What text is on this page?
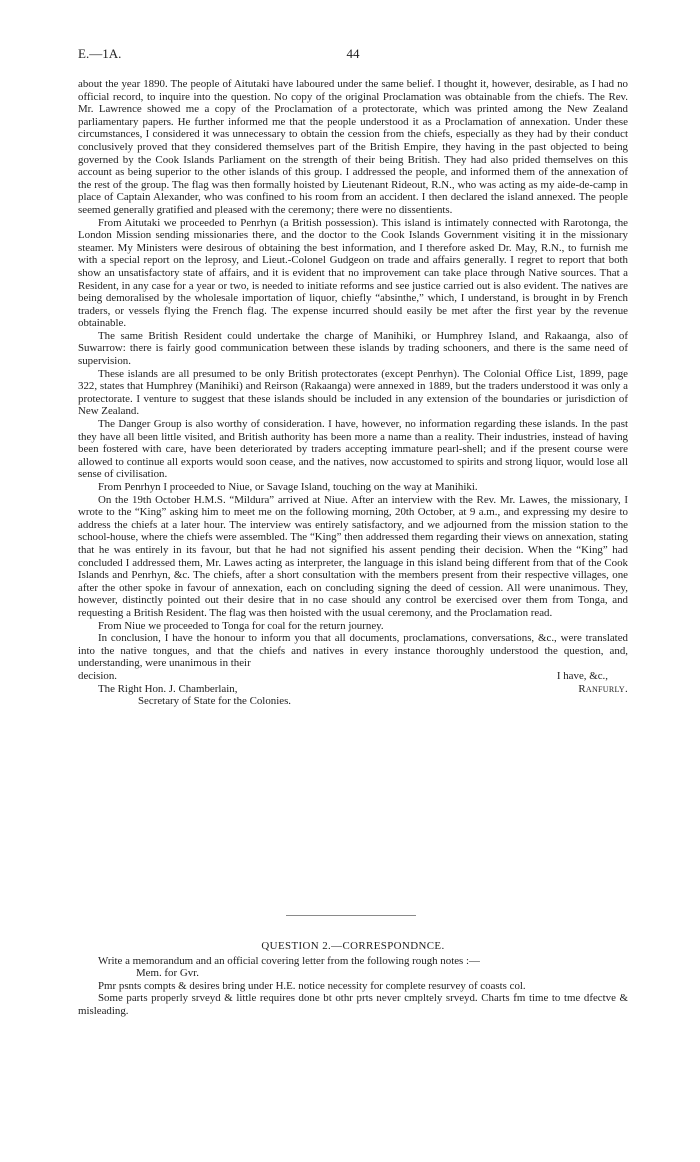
E.—1A.	44

about the year 1890. The people of Aitutaki have laboured under the same belief. I thought it, however, desirable, as I had no official record, to inquire into the question. No copy of the original Proclamation was obtainable from the chiefs. The Rev. Mr. Lawrence showed me a copy of the Proclamation of a protectorate, which was printed among the New Zealand parliamentary papers. He further informed me that the people understood it as a Proclamation of annexation. Under these circumstances, I considered it was unnecessary to obtain the cession from the chiefs, especially as they had by their conduct conclusively proved that they considered themselves part of the British Empire, they having in the past objected to being governed by the Cook Islands Parliament on the strength of their being British. They had also prided themselves on this account as being superior to the other islands of this group. I addressed the people, and informed them of the annexation of the rest of the group. The flag was then formally hoisted by Lieutenant Rideout, R.N., who was acting as my aide-de-camp in place of Captain Alexander, who was confined to his room from an accident. I then declared the island annexed. The people seemed generally gratified and pleased with the ceremony; there were no dissentients.

From Aitutaki we proceeded to Penrhyn (a British possession). This island is intimately connected with Rarotonga, the London Mission sending missionaries there, and the doctor to the Cook Islands Government visiting it in the missionary steamer. My Ministers were desirous of obtaining the best information, and I therefore asked Dr. May, R.N., to furnish me with a special report on the leprosy, and Lieut.-Colonel Gudgeon on trade and affairs generally. I regret to report that both show an unsatisfactory state of affairs, and it is evident that no improvement can take place through Native sources. That a Resident, in any case for a year or two, is needed to initiate reforms and see justice carried out is also evident. The natives are being demoralised by the wholesale importation of liquor, chiefly “absinthe,” which, I understand, is brought in by French traders, or vessels flying the French flag. The expense incurred should easily be met after the first year by the revenue obtainable.

The same British Resident could undertake the charge of Manihiki, or Humphrey Island, and Rakaanga, also of Suwarrow: there is fairly good communication between these islands by trading schooners, and there is the same need of supervision.

These islands are all presumed to be only British protectorates (except Penrhyn). The Colonial Office List, 1899, page 322, states that Humphrey (Manihiki) and Reirson (Rakaanga) were annexed in 1889, but the traders understood it was only a protectorate. I venture to suggest that these islands should be included in any extension of the boundaries or jurisdiction of New Zealand.

The Danger Group is also worthy of consideration. I have, however, no information regarding these islands. In the past they have all been little visited, and British authority has been more a name than a reality. Their industries, instead of having been fostered with care, have been deteriorated by traders accepting immature pearl-shell; and if the present course were allowed to continue all exports would soon cease, and the natives, now accustomed to spirits and strong liquor, would lose all sense of civilisation.

From Penrhyn I proceeded to Niue, or Savage Island, touching on the way at Manihiki.

On the 19th October H.M.S. “Mildura” arrived at Niue. After an interview with the Rev. Mr. Lawes, the missionary, I wrote to the “King” asking him to meet me on the following morning, 20th October, at 9 a.m., and expressing my desire to address the chiefs at a later hour. The interview was entirely satisfactory, and we adjourned from the mission station to the school-house, where the chiefs were assembled. The “King” then addressed them regarding their views on annexation, stating that he was entirely in its favour, but that he had not signified his assent pending their decision. When the “King” had concluded I addressed them, Mr. Lawes acting as interpreter, the language in this island being different from that of the Cook Islands and Penrhyn, &c. The chiefs, after a short consultation with the members present from their respective villages, one after the other spoke in favour of annexation, each on concluding signing the deed of cession. All were unanimous. They, however, distinctly pointed out their desire that in no case should any control be exercised over them from Tonga, and requesting a British Resident. The flag was then hoisted with the usual ceremony, and the Proclamation read.

From Niue we proceeded to Tonga for coal for the return journey.

In conclusion, I have the honour to inform you that all documents, proclamations, conversations, &c., were translated into the native tongues, and that the chiefs and natives in every instance thoroughly understood the question, and, understanding, were unanimous in their

decision.	I have, &c.,
The Right Hon. J. Chamberlain,	Ranfurly.
Secretary of State for the Colonies.
QUESTION 2.—CORRESPONDNCE.

Write a memorandum and an official covering letter from the following rough notes :—

Mem. for Gvr.

Pmr psnts compts & desires bring under H.E. notice necessity for complete resurvey of coasts col.

Some parts properly srveyd & little requires done bt othr prts never cmpltely srveyd. Charts fm time to tme dfectve & misleading.
